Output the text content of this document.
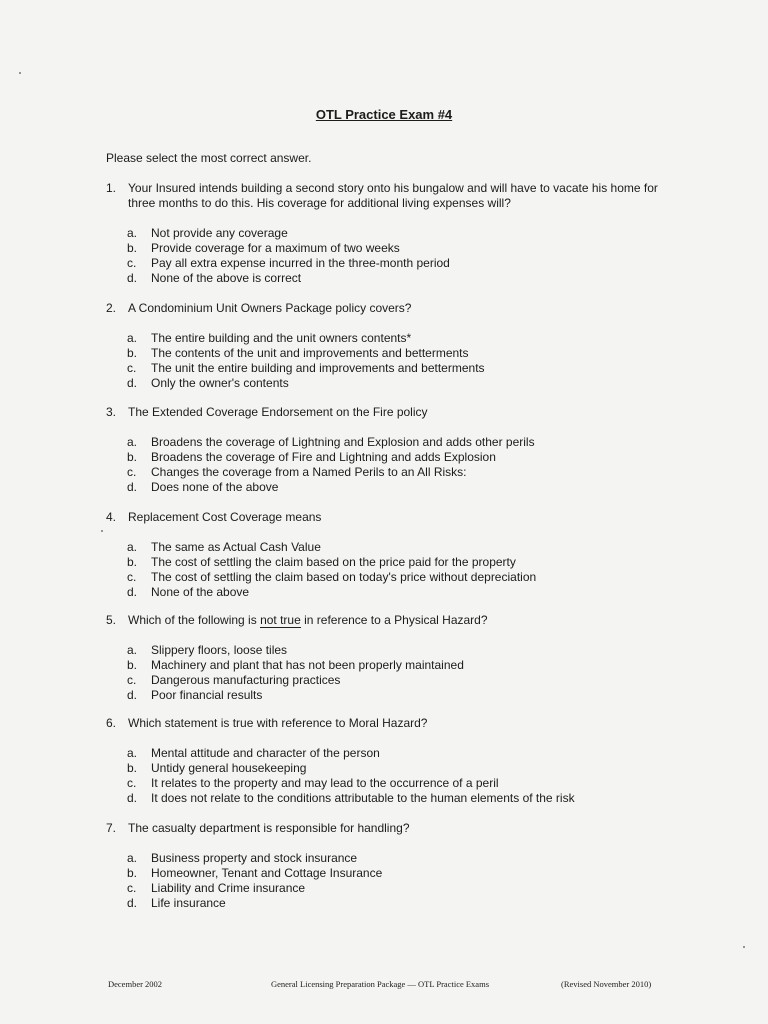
OTL Practice Exam #4
Please select the most correct answer.
1. Your Insured intends building a second story onto his bungalow and will have to vacate his home for three months to do this. His coverage for additional living expenses will?
a.	Not provide any coverage
b.	Provide coverage for a maximum of two weeks
c.	Pay all extra expense incurred in the three-month period
d.	None of the above is correct
2. A Condominium Unit Owners Package policy covers?
a.	The entire building and the unit owners contents*
b.	The contents of the unit and improvements and betterments
c.	The unit the entire building and improvements and betterments
d.	Only the owner's contents
3. The Extended Coverage Endorsement on the Fire policy
a.	Broadens the coverage of Lightning and Explosion and adds other perils
b.	Broadens the coverage of Fire and Lightning and adds Explosion
c.	Changes the coverage from a Named Perils to an All Risks:
d.	Does none of the above
4. Replacement Cost Coverage means
a.	The same as Actual Cash Value
b.	The cost of settling the claim based on the price paid for the property
c.	The cost of settling the claim based on today's price without depreciation
d.	None of the above
5. Which of the following is not true in reference to a Physical Hazard?
a.	Slippery floors, loose tiles
b.	Machinery and plant that has not been properly maintained
c.	Dangerous manufacturing practices
d.	Poor financial results
6. Which statement is true with reference to Moral Hazard?
a.	Mental attitude and character of the person
b.	Untidy general housekeeping
c.	It relates to the property and may lead to the occurrence of a peril
d.	It does not relate to the conditions attributable to the human elements of the risk
7. The casualty department is responsible for handling?
a.	Business property and stock insurance
b.	Homeowner, Tenant and Cottage Insurance
c.	Liability and Crime insurance
d.	Life insurance
December 2002	General Licensing Preparation Package — OTL Practice Exams	(Revised November 2010)
